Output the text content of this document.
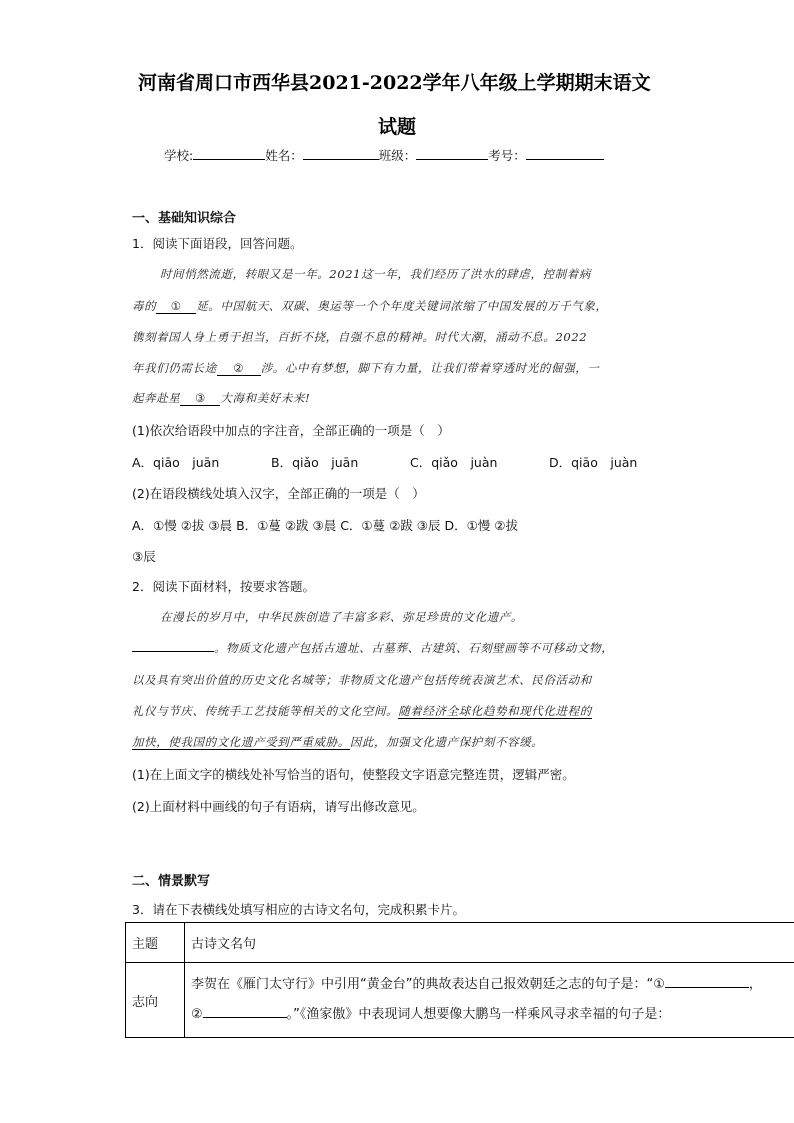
河南省周口市西华县2021-2022学年八年级上学期期末语文
试题
学校:	姓名：	班级：	考号：
一、基础知识综合
1．阅读下面语段，回答问题。
时间悄然流逝，转眼又是一年。2021这一年，我们经历了洪水的肆虐，控制着病
毒的 ① 延。中国航天、双碳、奥运等一个个年度关键词浓缩了中国发展的万千气象，
镌刻着国人身上勇于担当，百折不挠，自强不息的精神。时代大潮，涌动不息。2022
年我们仍需长途 ② 涉。心中有梦想，脚下有力量，让我们带着穿透时光的倔强，一
起奔赴星 ③ 大海和美好未来!
(1)依次给语段中加点的字注音，全部正确的一项是（　）
A．qiāo　juān	B．qiǎo　juān	C．qiǎo　juàn	D．qiāo　juàn
(2)在语段横线处填入汉字，全部正确的一项是（　）
A．①慢 ②拔 ③晨 B．①蔓 ②跋 ③晨 C．①蔓 ②跋 ③辰 D．①慢 ②拔
③辰
2．阅读下面材料，按要求答题。
在漫长的岁月中，中华民族创造了丰富多彩、弥足珍贵的文化遗产。
。物质文化遗产包括古遗址、古墓葬、古建筑、石刻壁画等不可移动文物，
以及具有突出价值的历史文化名城等；非物质文化遗产包括传统表演艺术、民俗活动和
礼仪与节庆、传统手工艺技能等相关的文化空间。随着经济全球化趋势和现代化进程的
加快，使我国的文化遗产受到严重威胁。因此，加强文化遗产保护刻不容缓。
(1)在上面文字的横线处补写恰当的语句，使整段文字语意完整连贯，逻辑严密。
(2)上面材料中画线的句子有语病，请写出修改意见。
二、情景默写
3．请在下表横线处填写相应的古诗文名句，完成积累卡片。
主题	古诗文名句
志向	李贺在《雁门太守行》中引用“黄金台”的典故表达自己报效朝廷之志的句子是：“① ，
② 。”《渔家傲》中表现词人想要像大鹏鸟一样乘风寻求幸福的句子是：
